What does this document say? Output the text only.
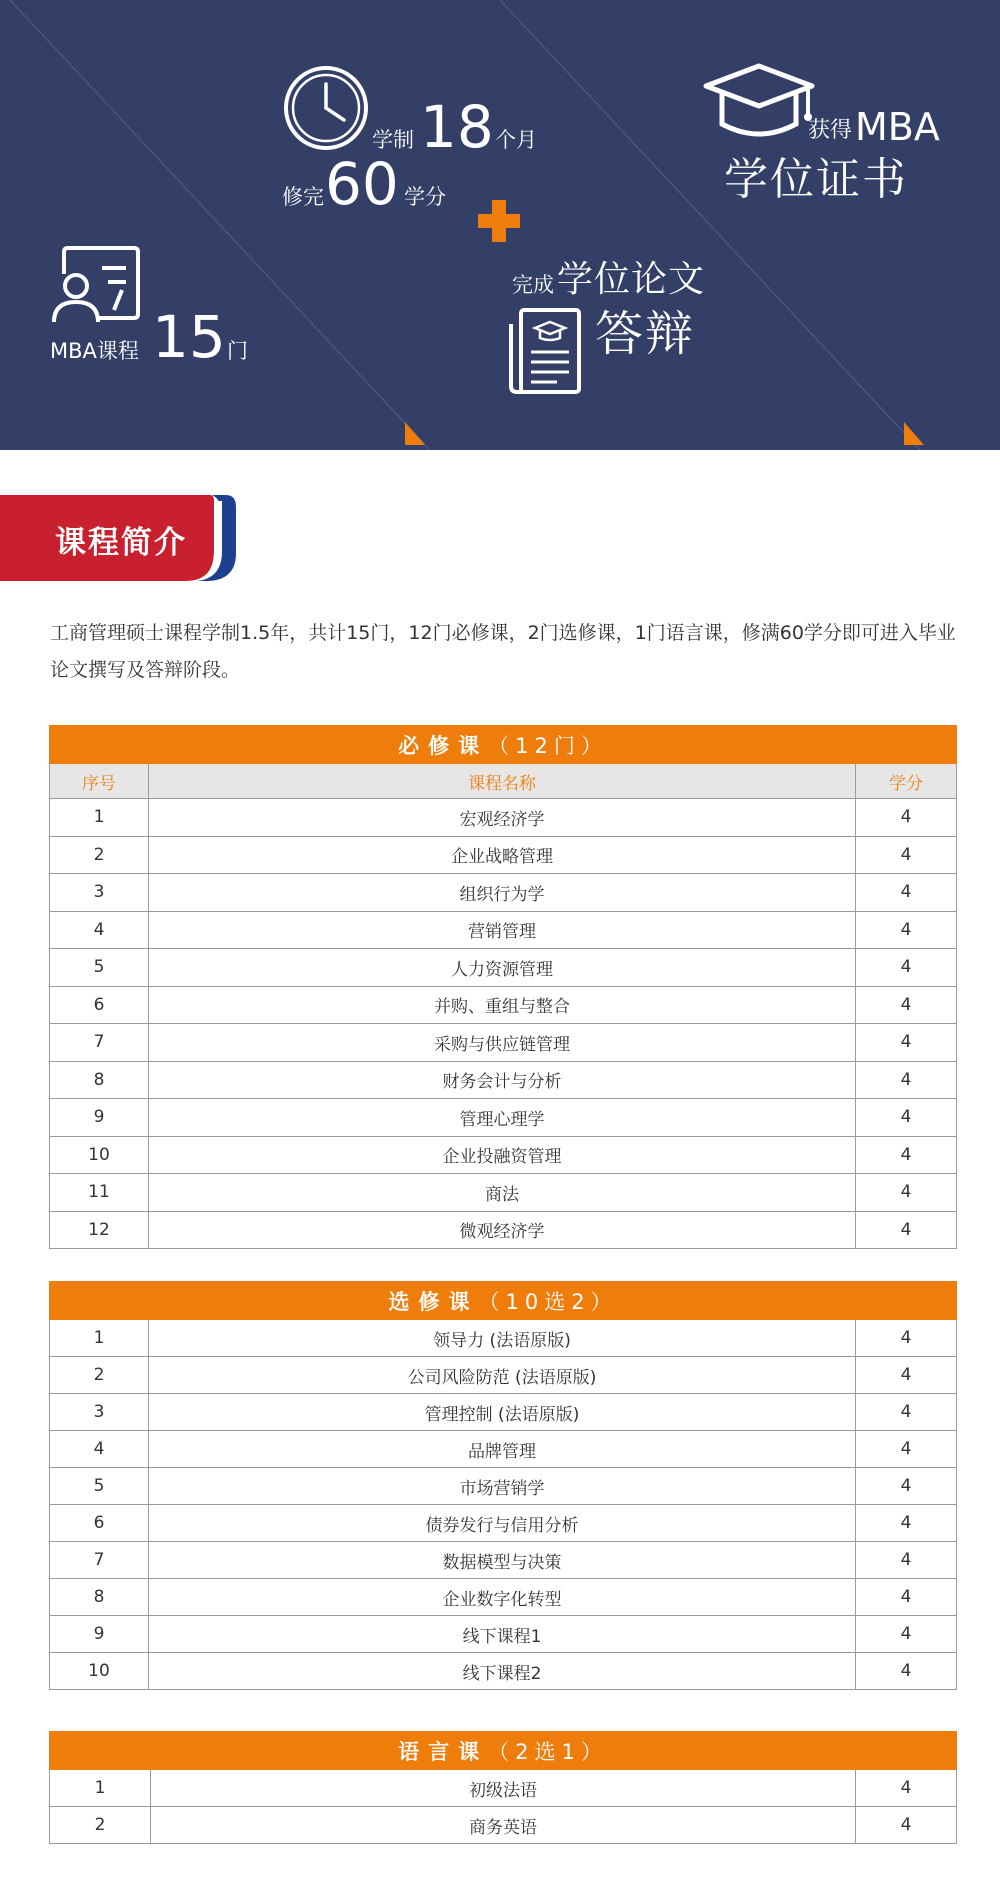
学制 18 个月
修完 60 学分
获得 MBA
学位证书
MBA课程 15 门
完成 学位论文
答辩
课程简介

工商管理硕士课程学制1.5年，共计15门，12门必修课，2门选修课，1门语言课，修满60学分即可进入毕业论文撰写及答辩阶段。

必修课（12门）		
序号	课程名称	学分
1	宏观经济学	4
2	企业战略管理	4
3	组织行为学	4
4	营销管理	4
5	人力资源管理	4
6	并购、重组与整合	4
7	采购与供应链管理	4
8	财务会计与分析	4
9	管理心理学	4
10	企业投融资管理	4
11	商法	4
12	微观经济学	4
选修课（10选2）		
1	领导力 (法语原版)	4
2	公司风险防范 (法语原版)	4
3	管理控制 (法语原版)	4
4	品牌管理	4
5	市场营销学	4
6	债券发行与信用分析	4
7	数据模型与决策	4
8	企业数字化转型	4
9	线下课程1	4
10	线下课程2	4
语言课（2选1）		
1	初级法语	4
2	商务英语	4
